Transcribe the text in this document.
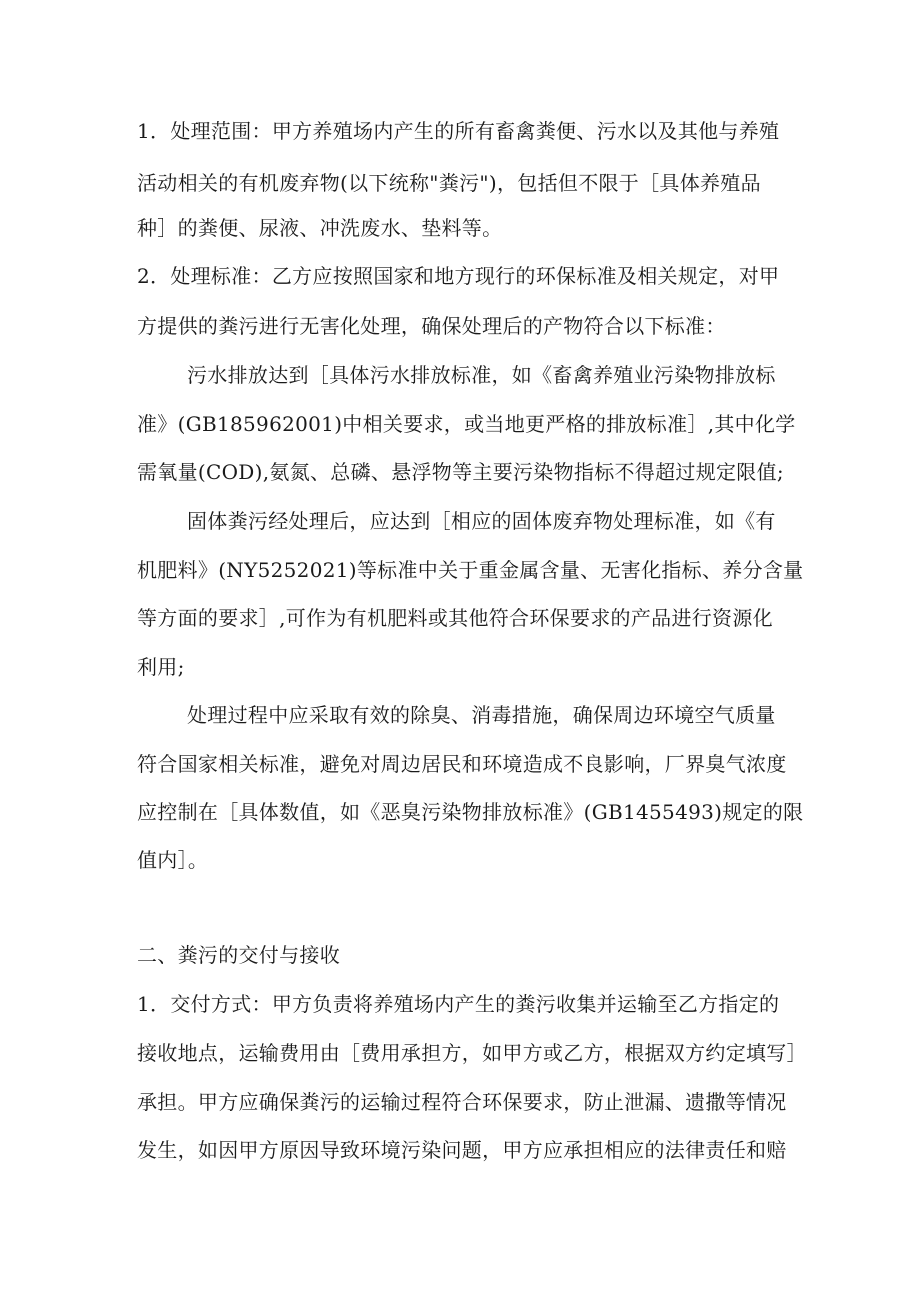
1．处理范围：甲方养殖场内产生的所有畜禽粪便、污水以及其他与养殖
活动相关的有机废弃物(以下统称"粪污")，包括但不限于［具体养殖品
种］的粪便、尿液、冲洗废水、垫料等。
2．处理标准：乙方应按照国家和地方现行的环保标准及相关规定，对甲
方提供的粪污进行无害化处理，确保处理后的产物符合以下标准：
污水排放达到［具体污水排放标准，如《畜禽养殖业污染物排放标
准》(GB185962001)中相关要求，或当地更严格的排放标准］,其中化学
需氧量(COD),氨氮、总磷、悬浮物等主要污染物指标不得超过规定限值;
固体粪污经处理后，应达到［相应的固体废弃物处理标准，如《有
机肥料》(NY5252021)等标准中关于重金属含量、无害化指标、养分含量
等方面的要求］,可作为有机肥料或其他符合环保要求的产品进行资源化
利用;
处理过程中应采取有效的除臭、消毒措施，确保周边环境空气质量
符合国家相关标准，避免对周边居民和环境造成不良影响，厂界臭气浓度
应控制在［具体数值，如《恶臭污染物排放标准》(GB1455493)规定的限
值内］。
二、粪污的交付与接收
1．交付方式：甲方负责将养殖场内产生的粪污收集并运输至乙方指定的
接收地点，运输费用由［费用承担方，如甲方或乙方，根据双方约定填写］
承担。甲方应确保粪污的运输过程符合环保要求，防止泄漏、遗撒等情况
发生，如因甲方原因导致环境污染问题，甲方应承担相应的法律责任和赔
